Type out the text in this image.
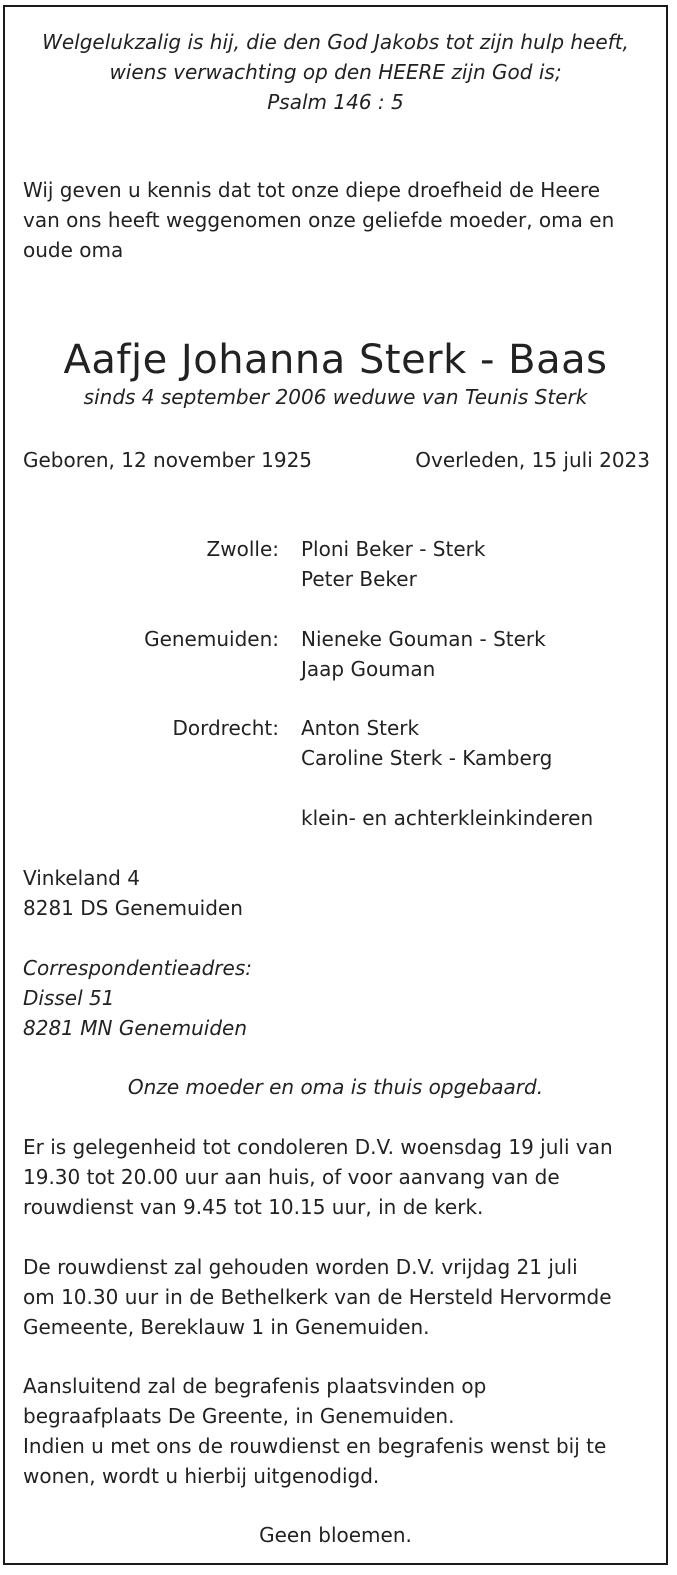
Welgelukzalig is hij, die den God Jakobs tot zijn hulp heeft,
wiens verwachting op den HEERE zijn God is;
Psalm 146 : 5
Wij geven u kennis dat tot onze diepe droefheid de Heere
van ons heeft weggenomen onze geliefde moeder, oma en
oude oma
Aafje Johanna Sterk - Baas
sinds 4 september 2006 weduwe van Teunis Sterk
Geboren, 12 november 1925	Overleden, 15 juli 2023
Zwolle: Ploni Beker - Sterk
Peter Beker
Genemuiden: Nieneke Gouman - Sterk
Jaap Gouman
Dordrecht: Anton Sterk
Caroline Sterk - Kamberg
klein- en achterkleinkinderen
Vinkeland 4
8281 DS Genemuiden
Correspondentieadres:
Dissel 51
8281 MN Genemuiden
Onze moeder en oma is thuis opgebaard.
Er is gelegenheid tot condoleren D.V. woensdag 19 juli van
19.30 tot 20.00 uur aan huis, of voor aanvang van de
rouwdienst van 9.45 tot 10.15 uur, in de kerk.
De rouwdienst zal gehouden worden D.V. vrijdag 21 juli
om 10.30 uur in de Bethelkerk van de Hersteld Hervormde
Gemeente, Bereklauw 1 in Genemuiden.
Aansluitend zal de begrafenis plaatsvinden op
begraafplaats De Greente, in Genemuiden.
Indien u met ons de rouwdienst en begrafenis wenst bij te
wonen, wordt u hierbij uitgenodigd.
Geen bloemen.
